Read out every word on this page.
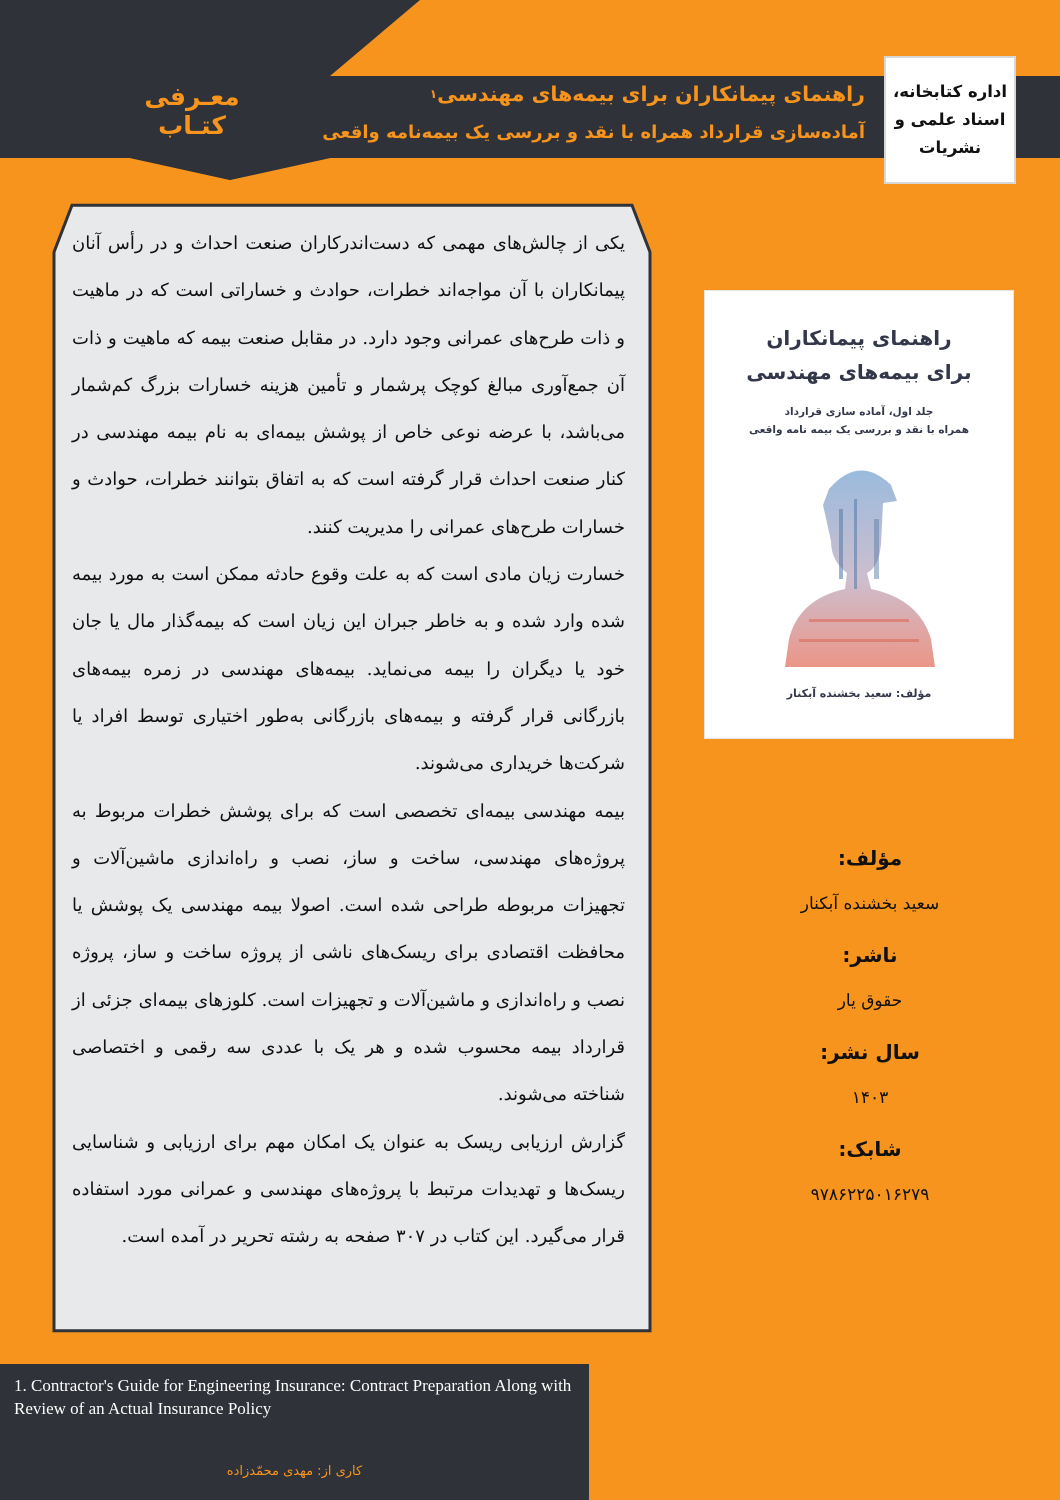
معـرفی کتـاب
راهنمای پیمانکاران برای بیمه‌های مهندسی$^۱$
آماده‌سازی قرارداد همراه با نقد و بررسی یک بیمه‌نامه واقعی
اداره کتابخانه،
اسناد علمی و
نشریات

یکی از چالش‌های مهمی که دست‌اندرکاران صنعت احداث و در رأس آنان پیمانکاران با آن مواجه‌اند خطرات، حوادث و خساراتی است که در ماهیت و ذات طرح‌های عمرانی وجود دارد. در مقابل صنعت بیمه که ماهیت و ذات آن جمع‌آوری مبالغ کوچک پرشمار و تأمین هزینه خسارات بزرگ کم‌شمار می‌باشد، با عرضه نوعی خاص از پوشش بیمه‌ای به نام بیمه مهندسی در کنار صنعت احداث قرار گرفته است که به اتفاق بتوانند خطرات، حوادث و خسارات طرح‌های عمرانی را مدیریت کنند.

خسارت زیان مادی است که به علت وقوع حادثه ممکن است به مورد بیمه شده وارد شده و به خاطر جبران این زیان است که بیمه‌گذار مال یا جان خود یا دیگران را بیمه می‌نماید. بیمه‌های مهندسی در زمره بیمه‌های بازرگانی قرار گرفته و بیمه‌های بازرگانی به‌طور اختیاری توسط افراد یا شرکت‌ها خریداری می‌شوند.

بیمه مهندسی بیمه‌ای تخصصی است که برای پوشش خطرات مربوط به پروژه‌های مهندسی، ساخت و ساز، نصب و راه‌اندازی ماشین‌آلات و تجهیزات مربوطه طراحی شده است. اصولا بیمه مهندسی یک پوشش یا محافظت اقتصادی برای ریسک‌های ناشی از پروژه ساخت و ساز، پروژه نصب و راه‌اندازی و ماشین‌آلات و تجهیزات است. کلوزهای بیمه‌ای جزئی از قرارداد بیمه محسوب شده و هر یک با عددی سه رقمی و اختصاصی شناخته می‌شوند.

گزارش ارزیابی ریسک به عنوان یک امکان مهم برای ارزیابی و شناسایی ریسک‌ها و تهدیدات مرتبط با پروژه‌های مهندسی و عمرانی مورد استفاده قرار می‌گیرد. این کتاب در ۳۰۷ صفحه به رشته تحریر در آمده است.

راهنمای پیمانکاران
برای بیمه‌های مهندسی
جلد اول، آماده سازی قرارداد
همراه با نقد و بررسی یک بیمه نامه واقعی
مؤلف: سعید بخشنده آبکنار
مؤلف:
سعید بخشنده آبکنار
ناشر:
حقوق یار
سال نشر:
۱۴۰۳
شابک:
۹۷۸۶۲۲۵۰۱۶۲۷۹
1. Contractor's Guide for Engineering Insurance: Contract Preparation Along with Review of an Actual Insurance Policy
کاری از: مهدی محمّدزاده
